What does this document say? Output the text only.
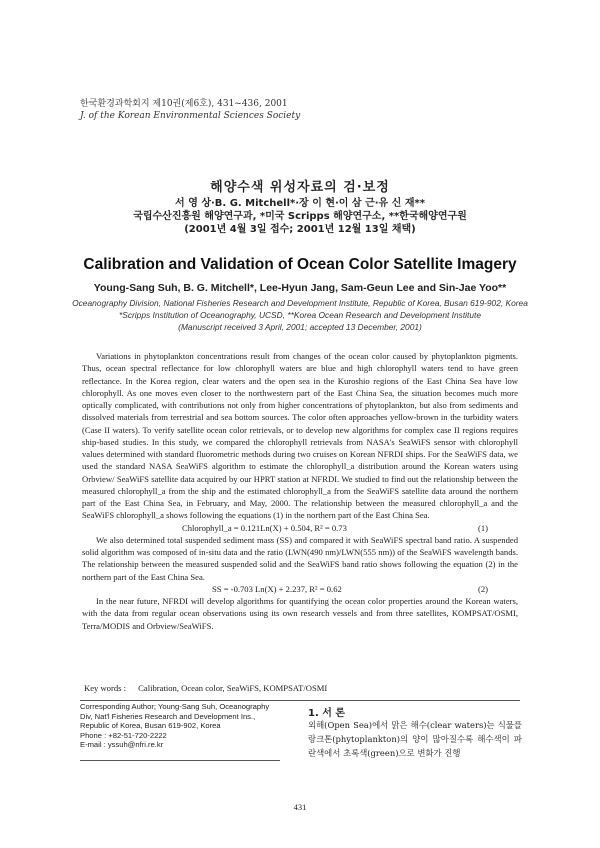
한국환경과학회지 제10권(제6호), 431~436, 2001
J. of the Korean Environmental Sciences Society
해양수색 위성자료의 검·보정
서 영 상·B. G. Mitchell*·장 이 현·이 삼 근·유 신 재**
국립수산진흥원 해양연구과, *미국 Scripps 해양연구소, **한국해양연구원
(2001년 4월 3일 접수; 2001년 12월 13일 채택)
Calibration and Validation of Ocean Color Satellite Imagery
Young-Sang Suh, B. G. Mitchell*, Lee-Hyun Jang, Sam-Geun Lee and Sin-Jae Yoo**
Oceanography Division, National Fisheries Research and Development Institute, Republic of Korea, Busan 619-902, Korea
*Scripps Institution of Oceanography, UCSD, **Korea Ocean Research and Development Institute
(Manuscript received 3 April, 2001; accepted 13 December, 2001)

Variations in phytoplankton concentrations result from changes of the ocean color caused by phytoplankton pigments. Thus, ocean spectral reflectance for low chlorophyll waters are blue and high chlorophyll waters tend to have green reflectance. In the Korea region, clear waters and the open sea in the Kuroshio regions of the East China Sea have low chlorophyll. As one moves even closer to the northwestern part of the East China Sea, the situation becomes much more optically complicated, with contributions not only from higher concentrations of phytoplankton, but also from sediments and dissolved materials from terrestrial and sea bottom sources. The color often approaches yellow-brown in the turbidity waters (Case II waters). To verify satellite ocean color retrievals, or to develop new algorithms for complex case II regions requires ship-based studies. In this study, we compared the chlorophyll retrievals from NASA's SeaWiFS sensor with chlorophyll values determined with standard fluorometric methods during two cruises on Korean NFRDI ships. For the SeaWiFS data, we used the standard NASA SeaWiFS algorithm to estimate the chlorophyll_a distribution around the Korean waters using Orbview/ SeaWiFS satellite data acquired by our HPRT station at NFRDI. We studied to find out the relationship between the measured chlorophyll_a from the ship and the estimated chlorophyll_a from the SeaWiFS satellite data around the northern part of the East China Sea, in February, and May, 2000. The relationship between the measured chlorophyll_a and the SeaWiFS chlorophyll_a shows following the equations (1) in the northern part of the East China Sea.

Chlorophyll_a = 0.121Ln(X) + 0.504, R² = 0.73	(1)

We also determined total suspended sediment mass (SS) and compared it with SeaWiFS spectral band ratio. A suspended solid algorithm was composed of in-situ data and the ratio (LWN(490 nm)/LWN(555 nm)) of the SeaWiFS wavelength bands. The relationship between the measured suspended solid and the SeaWiFS band ratio shows following the equation (2) in the northern part of the East China Sea.

SS = -0.703 Ln(X) + 2.237, R² = 0.62	(2)

In the near future, NFRDI will develop algorithms for quantifying the ocean color properties around the Korean waters, with the data from regular ocean observations using its own research vessels and from three satellites, KOMPSAT/OSMI, Terra/MODIS and Orbview/SeaWiFS.

Key words : Calibration, Ocean color, SeaWiFS, KOMPSAT/OSMI
Corresponding Author; Young-Sang Suh, Oceanography
Div, Nat'l Fisheries Research and Development Ins.,
Republic of Korea, Busan 619-902, Korea
Phone : +82-51-720-2222
E-mail : yssuh@nfri.re.kr
1. 서 론
외해(Open Sea)에서 맑은 해수(clear waters)는 식물플랑크톤(phytoplankton)의 양이 많아질수록 해수색이 파란색에서 초록색(green)으로 변화가 진행
431
